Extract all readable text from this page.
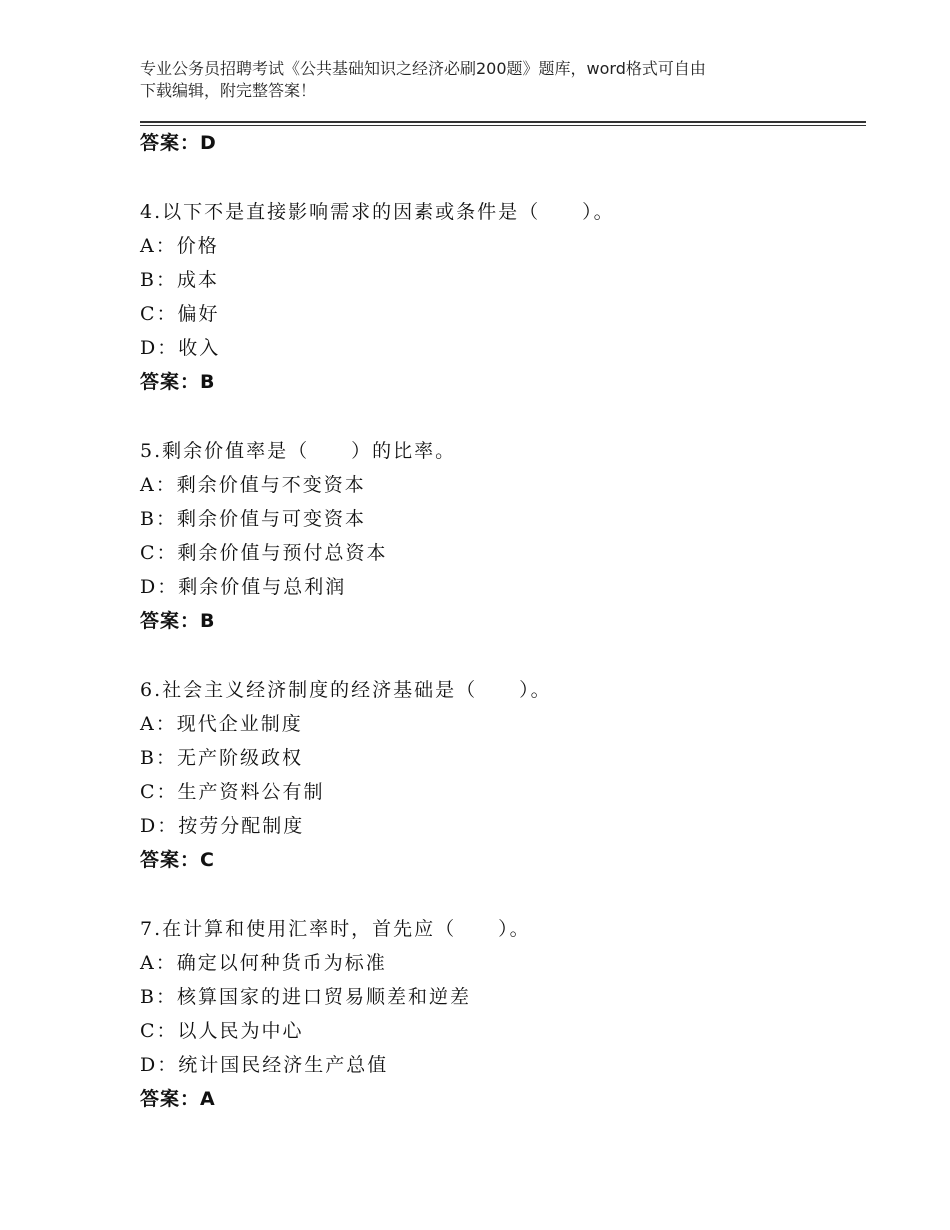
专业公务员招聘考试《公共基础知识之经济必刷200题》题库，word格式可自由
下载编辑，附完整答案！
答案：D
4.以下不是直接影响需求的因素或条件是（　　）。
A：价格
B：成本
C：偏好
D：收入
答案：B
5.剩余价值率是（　　）的比率。
A：剩余价值与不变资本
B：剩余价值与可变资本
C：剩余价值与预付总资本
D：剩余价值与总利润
答案：B
6.社会主义经济制度的经济基础是（　　）。
A：现代企业制度
B：无产阶级政权
C：生产资料公有制
D：按劳分配制度
答案：C
7.在计算和使用汇率时，首先应（　　）。
A：确定以何种货币为标准
B：核算国家的进口贸易顺差和逆差
C：以人民为中心
D：统计国民经济生产总值
答案：A
